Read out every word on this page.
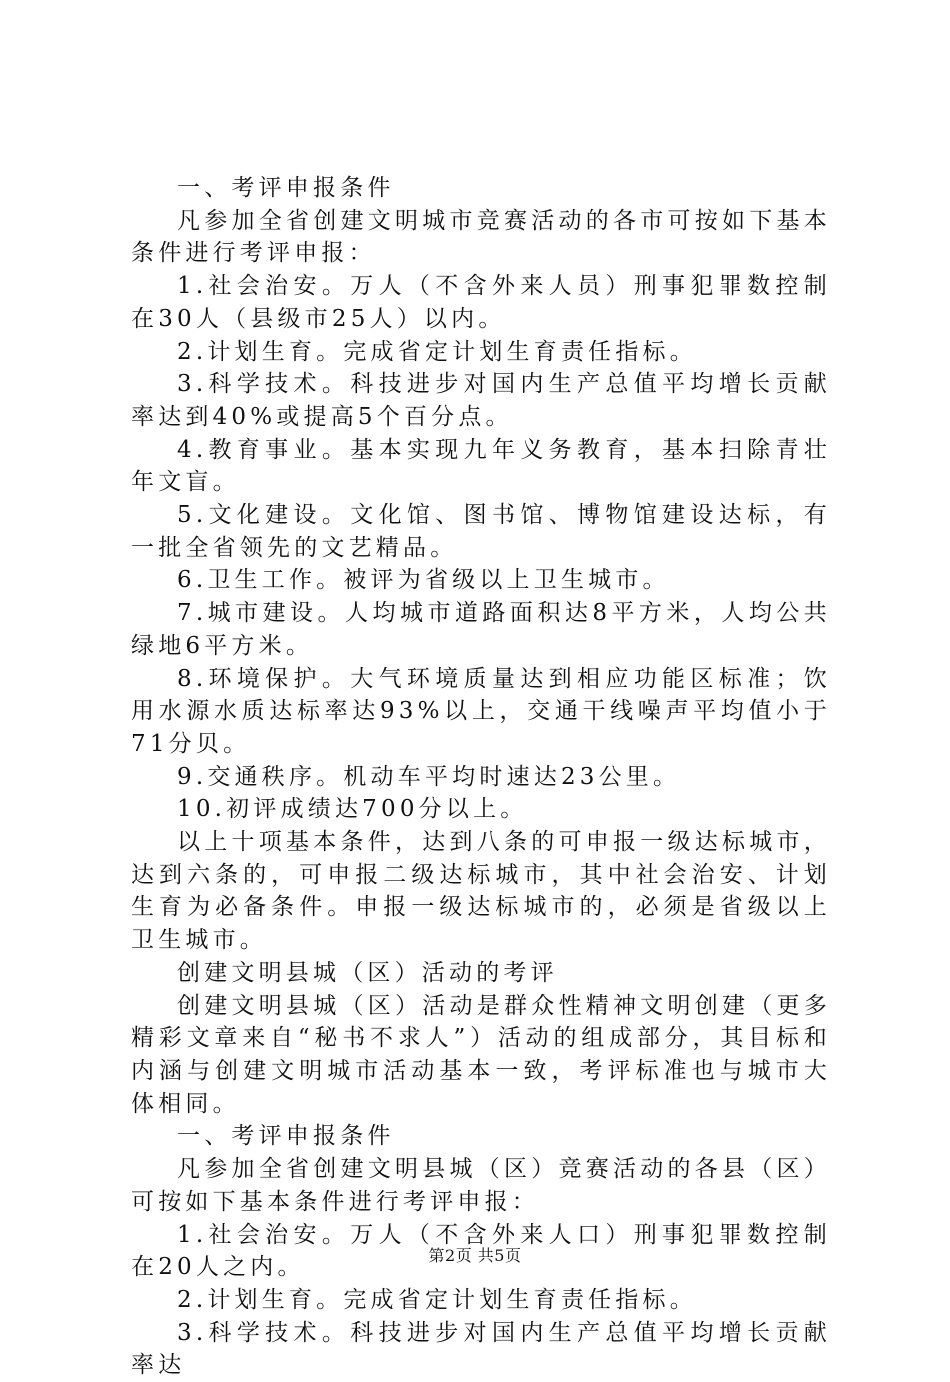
一、考评申报条件

凡参加全省创建文明城市竞赛活动的各市可按如下基本条件进行考评申报：

1.社会治安。万人（不含外来人员）刑事犯罪数控制在30人（县级市25人）以内。

2.计划生育。完成省定计划生育责任指标。

3.科学技术。科技进步对国内生产总值平均增长贡献率达到40%或提高5个百分点。

4.教育事业。基本实现九年义务教育，基本扫除青壮年文盲。

5.文化建设。文化馆、图书馆、博物馆建设达标，有一批全省领先的文艺精品。

6.卫生工作。被评为省级以上卫生城市。

7.城市建设。人均城市道路面积达8平方米，人均公共绿地6平方米。

8.环境保护。大气环境质量达到相应功能区标准；饮用水源水质达标率达93%以上，交通干线噪声平均值小于71分贝。

9.交通秩序。机动车平均时速达23公里。

10.初评成绩达700分以上。

以上十项基本条件，达到八条的可申报一级达标城市，达到六条的，可申报二级达标城市，其中社会治安、计划生育为必备条件。申报一级达标城市的，必须是省级以上卫生城市。

创建文明县城（区）活动的考评

创建文明县城（区）活动是群众性精神文明创建（更多精彩文章来自“秘书不求人”）活动的组成部分，其目标和内涵与创建文明城市活动基本一致，考评标准也与城市大体相同。

一、考评申报条件

凡参加全省创建文明县城（区）竞赛活动的各县（区）可按如下基本条件进行考评申报：

1.社会治安。万人（不含外来人口）刑事犯罪数控制在20人之内。

2.计划生育。完成省定计划生育责任指标。

3.科学技术。科技进步对国内生产总值平均增长贡献率达

第2页 共5页
